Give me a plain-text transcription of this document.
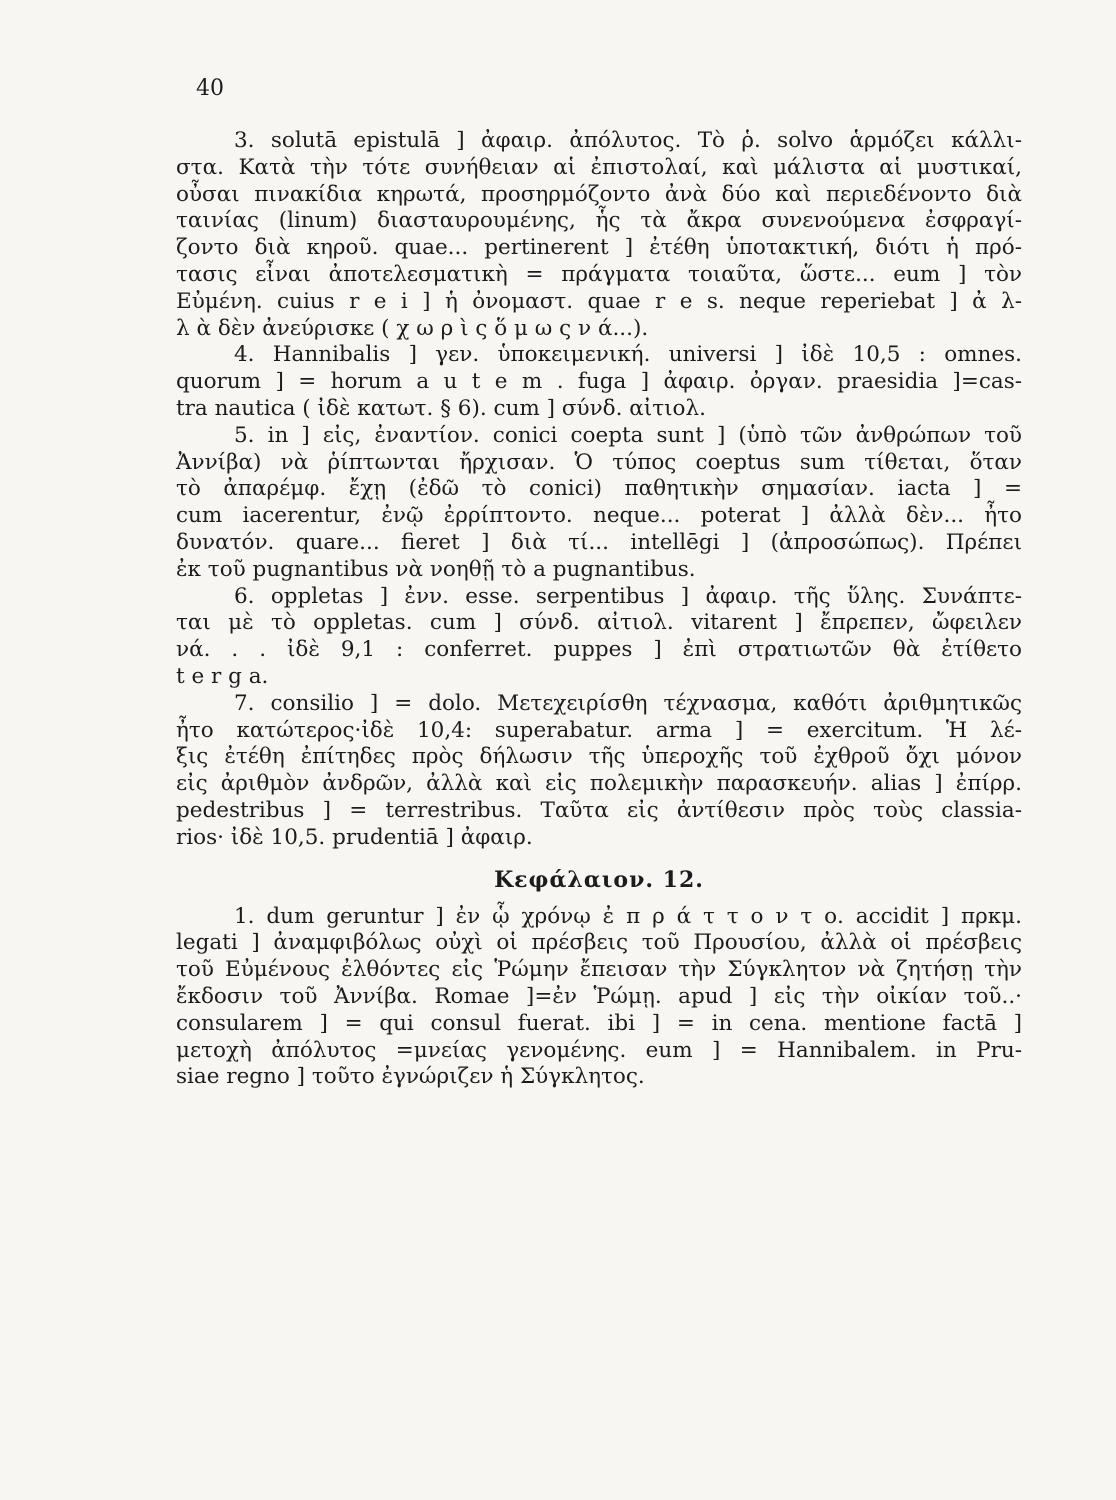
40
3. solutā epistulā ] ἀφαιρ. ἀπόλυτος. Τὸ ῥ. solvo ἁρμόζει κάλλι-
στα. Κατὰ τὴν τότε συνήθειαν αἱ ἐπιστολαί, καὶ μάλιστα αἱ μυστικαί,
οὖσαι πινακίδια κηρωτά, προσηρμόζοντο ἀνὰ δύο καὶ περιεδένοντο διὰ
ταινίας (linum) διασταυρουμένης, ἧς τὰ ἄκρα συνενούμενα ἐσφραγί-
ζοντο διὰ κηροῦ. quae... pertinerent ] ἐτέθη ὑποτακτική, διότι ἡ πρό-
τασις εἶναι ἀποτελεσματικὴ = πράγματα τοιαῦτα, ὥστε... eum ] τὸν
Εὐμένη. cuius r e i ] ἡ ὀνομαστ. quae r e s. neque reperiebat ] ἀ λ-
λ ὰ δὲν ἀνεύρισκε ( χ ω ρ ὶ ς ὅ μ ω ς ν ά...).
4. Hannibalis ] γεν. ὑποκειμενική. universi ] ἰδὲ 10,5 : omnes.
quorum ] = horum a u t e m . fuga ] ἀφαιρ. ὀργαν. praesidia ]=cas-
tra nautica ( ἰδὲ κατωτ. § 6). cum ] σύνδ. αἰτιολ.
5. in ] εἰς, ἐναντίον. conici coepta sunt ] (ὑπὸ τῶν ἀνθρώπων τοῦ
Ἀννίβα) νὰ ῥίπτωνται ἤρχισαν. Ὁ τύπος coeptus sum τίθεται, ὅταν
τὸ ἀπαρέμφ. ἔχῃ (ἐδῶ τὸ conici) παθητικὴν σημασίαν. iacta ] =
cum iacerentur, ἐνῷ ἐρρίπτοντο. neque... poterat ] ἀλλὰ δὲν... ἦτο
δυνατόν. quare... fieret ] διὰ τί... intellēgi ] (ἀπροσώπως). Πρέπει
ἐκ τοῦ pugnantibus νὰ νοηθῇ τὸ a pugnantibus.
6. oppletas ] ἐνν. esse. serpentibus ] ἀφαιρ. τῆς ὕλης. Συνάπτε-
ται μὲ τὸ oppletas. cum ] σύνδ. αἰτιολ. vitarent ] ἔπρεπεν, ὤφειλεν
νά. . . ἰδὲ 9,1 : conferret. puppes ] ἐπὶ στρατιωτῶν θὰ ἐτίθετο
t e r g a.
7. consilio ] = dolo. Μετεχειρίσθη τέχνασμα, καθότι ἀριθμητικῶς
ἦτο κατώτερος·ἰδὲ 10,4: superabatur. arma ] = exercitum. Ἡ λέ-
ξις ἐτέθη ἐπίτηδες πρὸς δήλωσιν τῆς ὑπεροχῆς τοῦ ἐχθροῦ ὄχι μόνον
εἰς ἀριθμὸν ἀνδρῶν, ἀλλὰ καὶ εἰς πολεμικὴν παρασκευήν. alias ] ἐπίρρ.
pedestribus ] = terrestribus. Ταῦτα εἰς ἀντίθεσιν πρὸς τοὺς classia-
rios· ἰδὲ 10,5. prudentiā ] ἀφαιρ.
Κεφάλαιον. 12.
1. dum geruntur ] ἐν ᾧ χρόνῳ ἐ π ρ ά τ τ ο ν τ ο. accidit ] πρκμ.
legati ] ἀναμφιβόλως οὐχὶ οἱ πρέσβεις τοῦ Προυσίου, ἀλλὰ οἱ πρέσβεις
τοῦ Εὐμένους ἐλθόντες εἰς Ῥώμην ἔπεισαν τὴν Σύγκλητον νὰ ζητήσῃ τὴν
ἔκδοσιν τοῦ Ἀννίβα. Romae ]=ἐν Ῥώμῃ. apud ] εἰς τὴν οἰκίαν τοῦ..·
consularem ] = qui consul fuerat. ibi ] = in cena. mentione factā ]
μετοχὴ ἀπόλυτος =μνείας γενομένης. eum ] = Hannibalem. in Pru-
siae regno ] τοῦτο ἐγνώριζεν ἡ Σύγκλητος.
